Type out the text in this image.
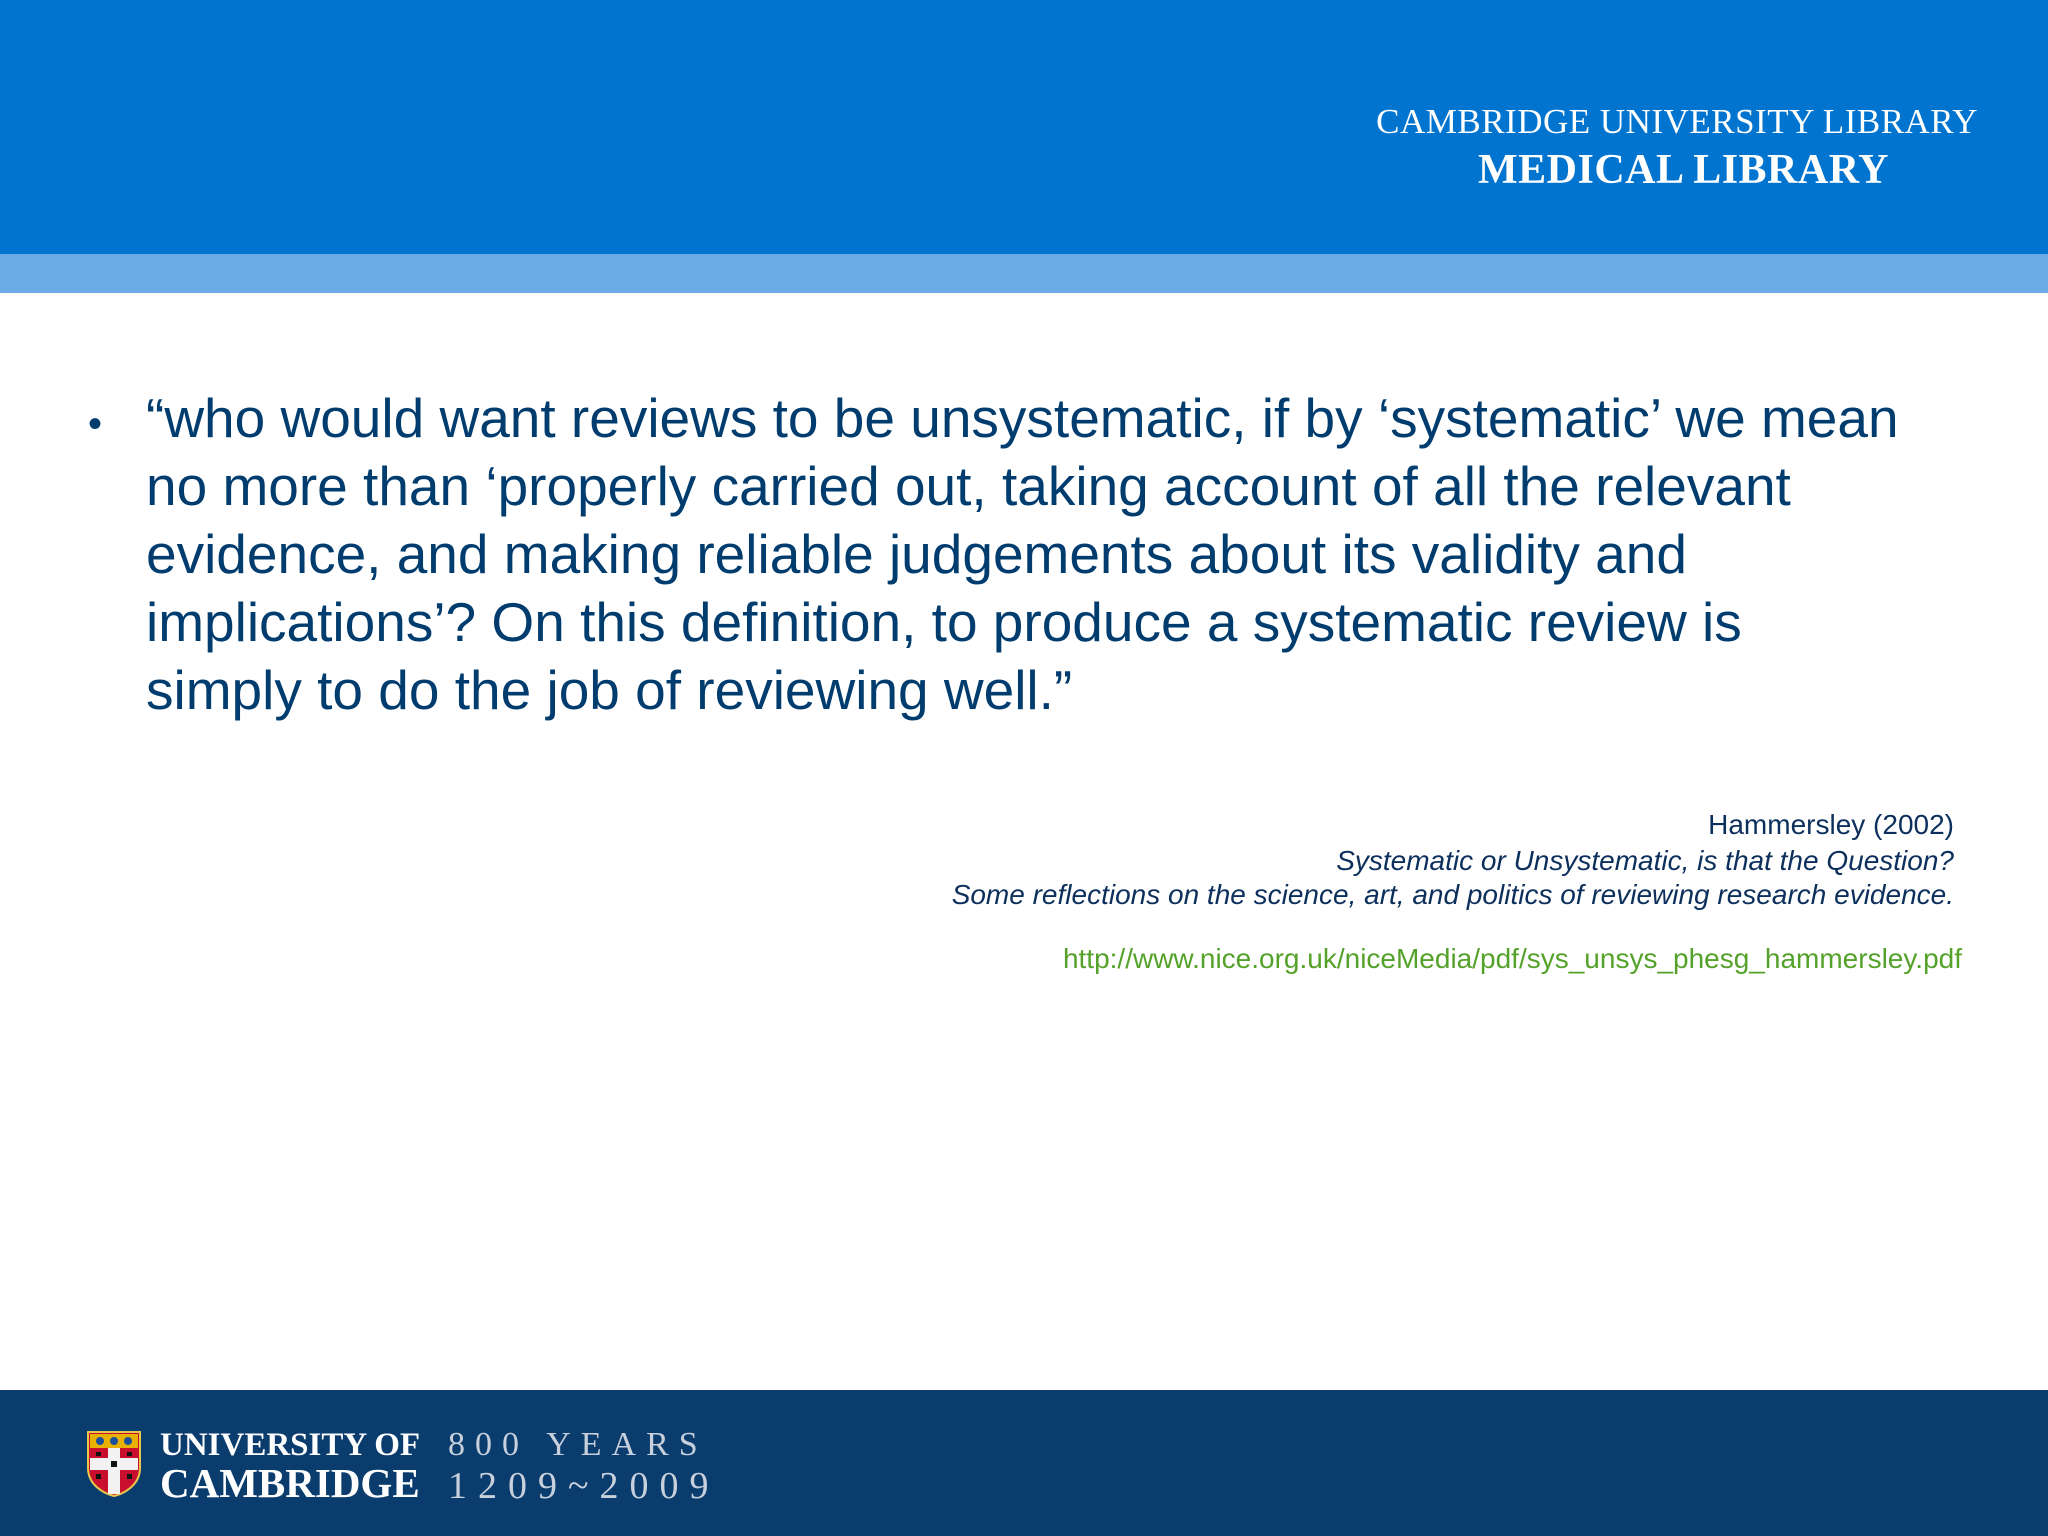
CAMBRIDGE UNIVERSITY LIBRARY
MEDICAL LIBRARY
• “who would want reviews to be unsystematic, if by ‘systematic’ we mean
no more than ‘properly carried out, taking account of all the relevant
evidence, and making reliable judgements about its validity and
implications’? On this definition, to produce a systematic review is
simply to do the job of reviewing well.”
Hammersley (2002)
Systematic or Unsystematic, is that the Question?
Some reflections on the science, art, and politics of reviewing research evidence.
http://www.nice.org.uk/niceMedia/pdf/sys_unsys_phesg_hammersley.pdf
UNIVERSITY OF
CAMBRIDGE
800 YEARS
1209~2009
